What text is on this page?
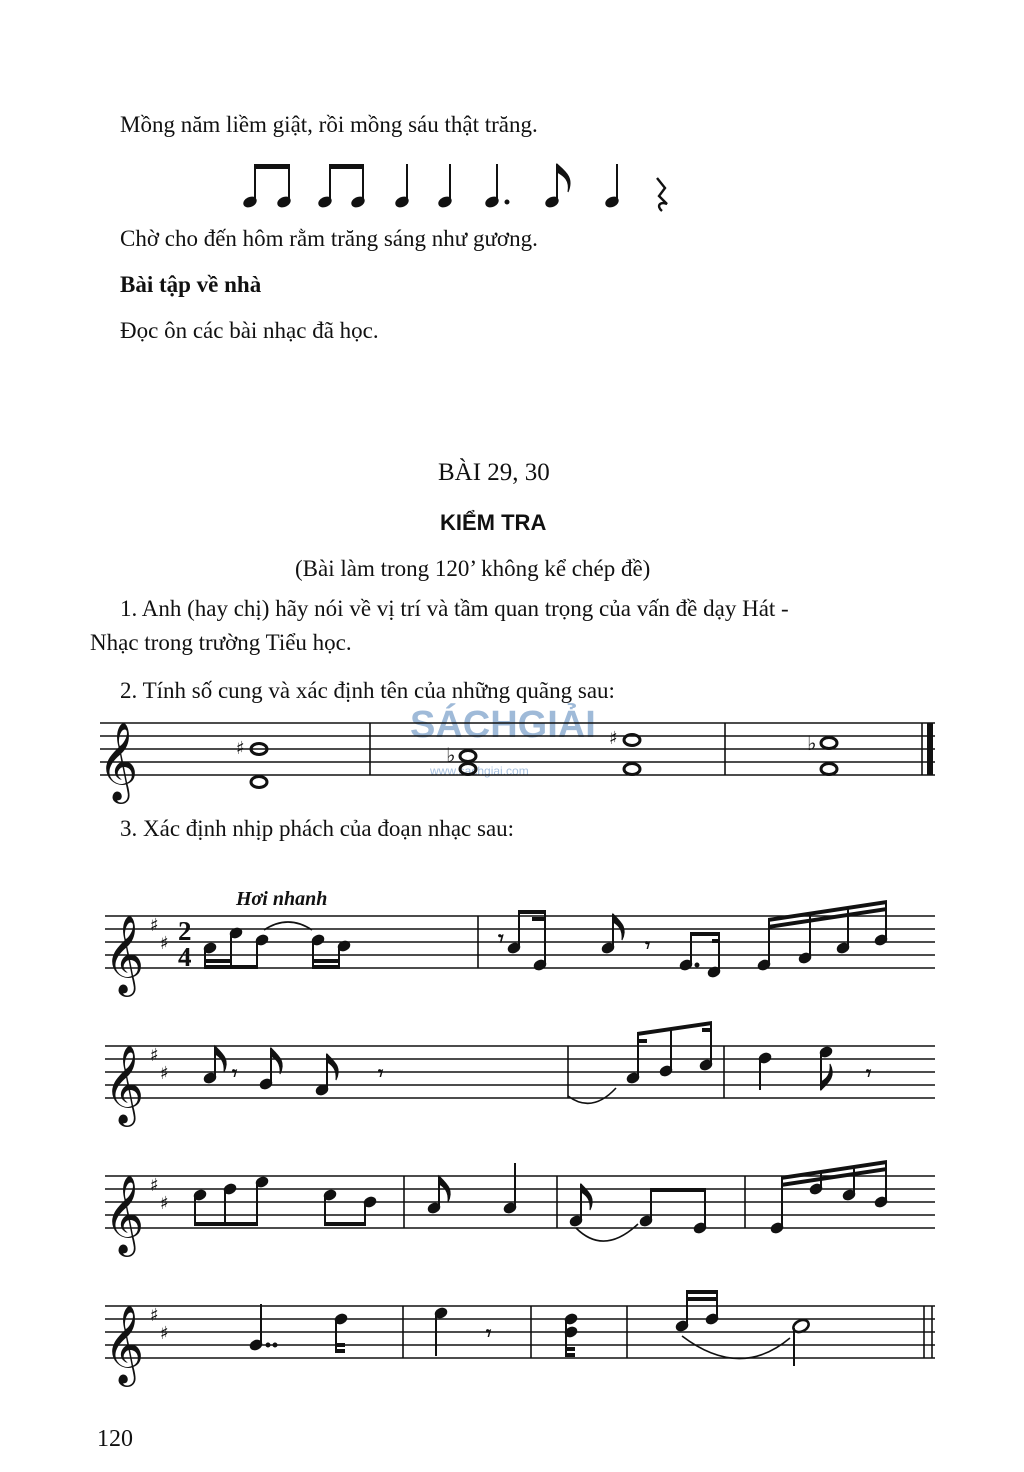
Mồng năm liềm giật, rồi mồng sáu thật trăng.

Chờ cho đến hôm rằm trăng sáng như gương.

Bài tập về nhà

Đọc ôn các bài nhạc đã học.

BÀI 29, 30

KIỂM TRA

(Bài làm trong 120’ không kể chép đề)

1. Anh (hay chị) hãy nói về vị trí và tầm quan trọng của vấn đề dạy Hát -

Nhạc trong trường Tiểu học.

2. Tính số cung và xác định tên của những quãng sau:

SÁCHGIẢI
www.sachgiai.com
𝄞	♯	♭
♯	♭

3. Xác định nhịp phách của đoạn nhạc sau:

Hơi nhanh

𝄞 ♯
♯ 2
4
𝄾	𝄾
𝄞 ♯
♯	𝄾	𝄾	𝄾
𝄞 ♯
♯
𝄞 ♯
♯	𝄾

120
